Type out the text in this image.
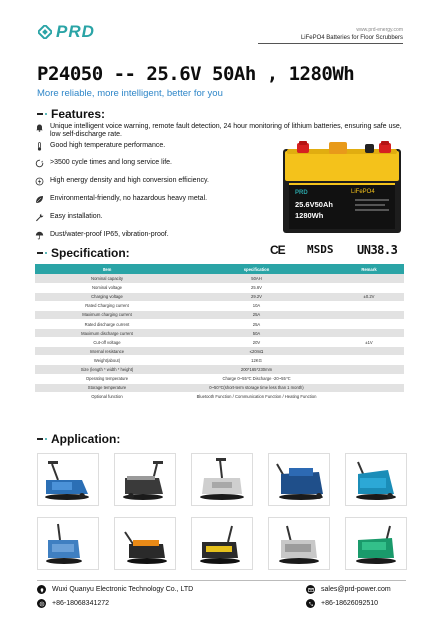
PRD	www.prd-energy.com
LiFePO4 Batteries for Floor Scrubbers
P24050 -- 25.6V 50Ah , 1280Wh
More reliable, more intelligent, better for you
Features:
Unique intelligent voice warning, remote fault detection, 24 hour monitoring of lithium batteries, ensuring safe use, low self-discharge rate.
Good high temperature performance.
>3500 cycle times and long service life.
High energy density and high conversion efficiency.
Environmental-friendly, no hazardous heavy metal.
Easy installation.
Dust/water-proof IP65, vibration-proof.
PRD	LiFePO4
25.6V50Ah
1280Wh
Specification:	CE MSDS UN38.3
Item	specification	Remark
Nominal capacity	50AH	
Nominal voltage	25.6V	
Charging voltage	29.2V	±0.2V
Rated Charging current	10A	
Maximum charging current	25A	
Rated discharge current	25A	
Maximum discharge current	50A	
Cut-off voltage	20V	±1V
Internal resistance	≤20mΩ	
Weight(about)	12KG	
Size (length * width * height)	200*165*230mm	
Operating temperature	Charge 0~55℃ Discharge -20~55℃	
Storage temperature	0~50℃(short-term storage time less than 1 month)	
Optional function	Bluetooth Function / Communication Function / Heating Function	
Application:
Wuxi Quanyu Electronic Technology Co., LTD	sales@prd-power.com
+86-18068341272	+86-18626092510
